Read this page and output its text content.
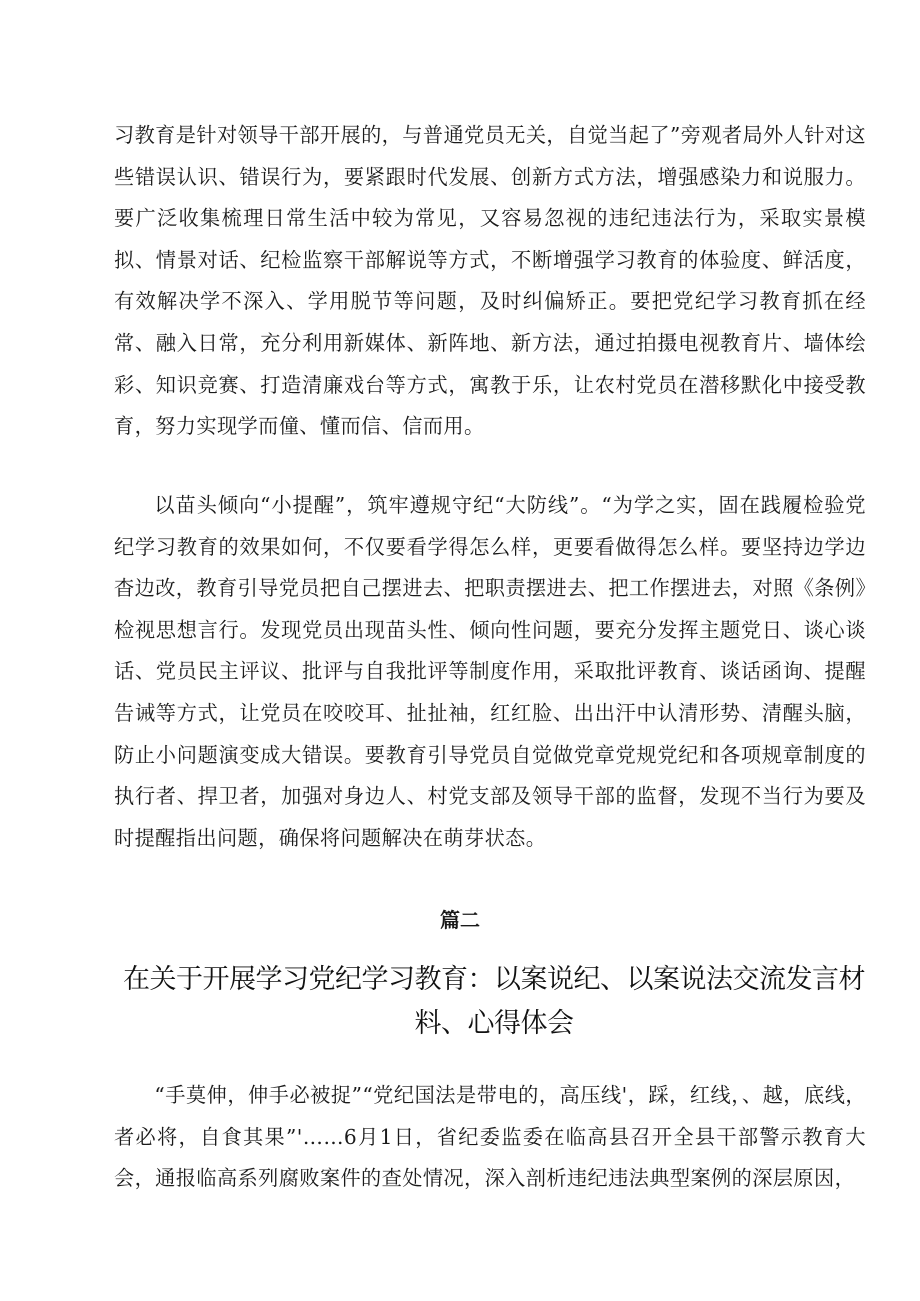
习教育是针对领导干部开展的，与普通党员无关，自觉当起了”旁观者局外人针对这些错误认识、错误行为，要紧跟时代发展、创新方式方法，增强感染力和说服力。要广泛收集梳理日常生活中较为常见，又容易忽视的违纪违法行为，采取实景模拟、情景对话、纪检监察干部解说等方式，不断增强学习教育的体验度、鲜活度，有效解决学不深入、学用脱节等问题，及时纠偏矫正。要把党纪学习教育抓在经常、融入日常，充分利用新媒体、新阵地、新方法，通过拍摄电视教育片、墙体绘彩、知识竞赛、打造清廉戏台等方式，寓教于乐，让农村党员在潜移默化中接受教育，努力实现学而僮、懂而信、信而用。

以苗头倾向“小提醒”，筑牢遵规守纪“大防线”。“为学之实，固在践履检验党纪学习教育的效果如何，不仅要看学得怎么样，更要看做得怎么样。要坚持边学边杳边改，教育引导党员把自己摆进去、把职责摆进去、把工作摆进去，对照《条例》检视思想言行。发现党员出现苗头性、倾向性问题，要充分发挥主题党日、谈心谈话、党员民主评议、批评与自我批评等制度作用，采取批评教育、谈话函询、提醒告诫等方式，让党员在咬咬耳、扯扯袖，红红脸、出出汗中认清形势、清醒头脑，防止小问题演变成大错误。要教育引导党员自觉做党章党规党纪和各项规章制度的执行者、捍卫者，加强对身边人、村党支部及领导干部的监督，发现不当行为要及时提醒指出问题，确保将问题解决在萌芽状态。

篇二
在关于开展学习党纪学习教育：以案说纪、以案说法交流发言材料、心得体会

“手莫伸，伸手必被捉”“党纪国法是带电的，高压线'，踩，红线，、越，底线，者必将，自食其果”'……6月1日，省纪委监委在临高县召开全县干部警示教育大会，通报临高系列腐败案件的查处情况，深入剖析违纪违法典型案例的深层原因，
